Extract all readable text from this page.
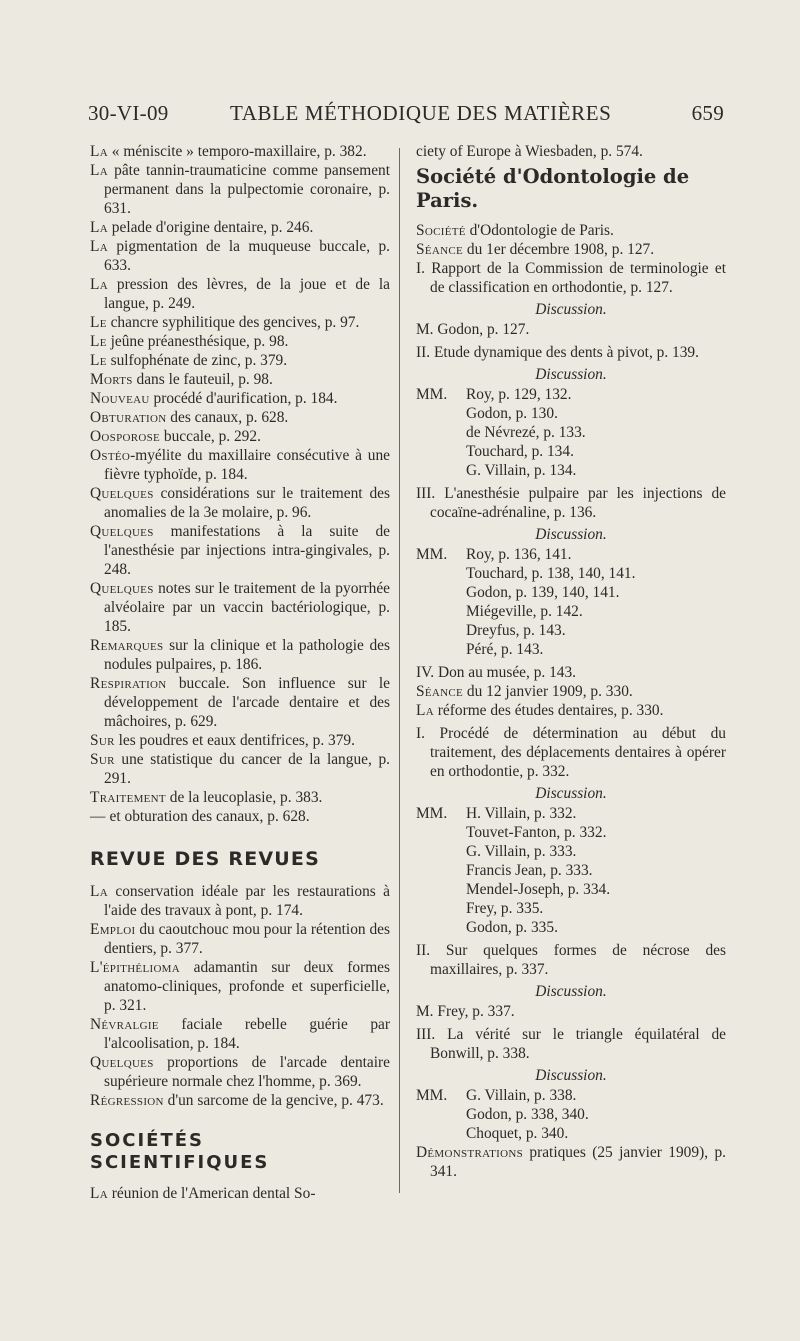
30-VI-09	TABLE MÉTHODIQUE DES MATIÈRES	659

La « méniscite » temporo-maxillaire, p. 382.

La pâte tannin-traumaticine comme pansement permanent dans la pulpectomie coronaire, p. 631.

La pelade d'origine dentaire, p. 246.

La pigmentation de la muqueuse buccale, p. 633.

La pression des lèvres, de la joue et de la langue, p. 249.

Le chancre syphilitique des gencives, p. 97.

Le jeûne préanesthésique, p. 98.

Le sulfophénate de zinc, p. 379.

Morts dans le fauteuil, p. 98.

Nouveau procédé d'aurification, p. 184.

Obturation des canaux, p. 628.

Oosporose buccale, p. 292.

Ostéo-myélite du maxillaire consécutive à une fièvre typhoïde, p. 184.

Quelques considérations sur le traitement des anomalies de la 3e molaire, p. 96.

Quelques manifestations à la suite de l'anesthésie par injections intra-gingivales, p. 248.

Quelques notes sur le traitement de la pyorrhée alvéolaire par un vaccin bactériologique, p. 185.

Remarques sur la clinique et la pathologie des nodules pulpaires, p. 186.

Respiration buccale. Son influence sur le développement de l'arcade dentaire et des mâchoires, p. 629.

Sur les poudres et eaux dentifrices, p. 379.

Sur une statistique du cancer de la langue, p. 291.

Traitement de la leucoplasie, p. 383.

— et obturation des canaux, p. 628.

REVUE DES REVUES

La conservation idéale par les restaurations à l'aide des travaux à pont, p. 174.

Emploi du caoutchouc mou pour la rétention des dentiers, p. 377.

L'épithélioma adamantin sur deux formes anatomo-cliniques, profonde et superficielle, p. 321.

Névralgie faciale rebelle guérie par l'alcoolisation, p. 184.

Quelques proportions de l'arcade dentaire supérieure normale chez l'homme, p. 369.

Régression d'un sarcome de la gencive, p. 473.

SOCIÉTÉS SCIENTIFIQUES

La réunion de l'American dental So-

ciety of Europe à Wiesbaden, p. 574.

Société d'Odontologie de Paris.

Société d'Odontologie de Paris.

Séance du 1er décembre 1908, p. 127.

I. Rapport de la Commission de terminologie et de classification en orthodontie, p. 127.

Discussion.

M. Godon, p. 127.

II. Etude dynamique des dents à pivot, p. 139.

Discussion.
MM. Roy, p. 129, 132.
Godon, p. 130.
de Névrezé, p. 133.
Touchard, p. 134.
G. Villain, p. 134.

III. L'anesthésie pulpaire par les injections de cocaïne-adrénaline, p. 136.

Discussion.
MM. Roy, p. 136, 141.
Touchard, p. 138, 140, 141.
Godon, p. 139, 140, 141.
Miégeville, p. 142.
Dreyfus, p. 143.
Péré, p. 143.

IV. Don au musée, p. 143.

Séance du 12 janvier 1909, p. 330.

La réforme des études dentaires, p. 330.

I. Procédé de détermination au début du traitement, des déplacements dentaires à opérer en orthodontie, p. 332.

Discussion.
MM. H. Villain, p. 332.
Touvet-Fanton, p. 332.
G. Villain, p. 333.
Francis Jean, p. 333.
Mendel-Joseph, p. 334.
Frey, p. 335.
Godon, p. 335.

II. Sur quelques formes de nécrose des maxillaires, p. 337.

Discussion.

M. Frey, p. 337.

III. La vérité sur le triangle équilatéral de Bonwill, p. 338.

Discussion.
MM. G. Villain, p. 338.
Godon, p. 338, 340.
Choquet, p. 340.

Démonstrations pratiques (25 janvier 1909), p. 341.
